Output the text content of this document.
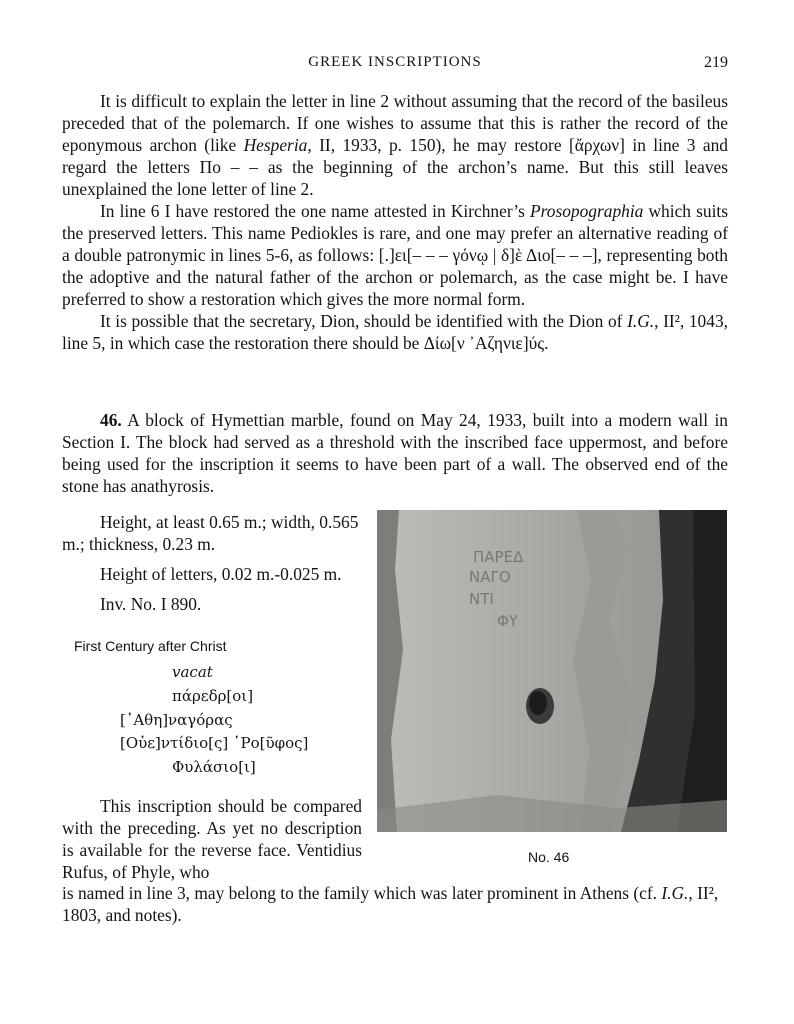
GREEK INSCRIPTIONS	219

It is difficult to explain the letter in line 2 without assuming that the record of the basileus preceded that of the polemarch. If one wishes to assume that this is rather the record of the eponymous archon (like Hesperia, II, 1933, p. 150), he may restore [ἄρχων] in line 3 and regard the letters Πο – – as the beginning of the archon’s name. But this still leaves unexplained the lone letter of line 2.

In line 6 I have restored the one name attested in Kirchner’s Prosopographia which suits the preserved letters. This name Pediokles is rare, and one may prefer an alternative reading of a double patronymic in lines 5-6, as follows: [.]ει[– – – γόνῳ | δ]ὲ Διο[– – –], representing both the adoptive and the natural father of the archon or polemarch, as the case might be. I have preferred to show a restoration which gives the more normal form.

It is possible that the secretary, Dion, should be identified with the Dion of I.G., II², 1043, line 5, in which case the restoration there should be Δίω[ν ᾿Αζηνιε]ύς.

46. A block of Hymettian marble, found on May 24, 1933, built into a modern wall in Section I. The block had served as a threshold with the inscribed face uppermost, and before being used for the inscription it seems to have been part of a wall. The observed end of the stone has anathyrosis.

Height, at least 0.65 m.; width, 0.565 m.; thickness, 0.23 m.
Height of letters, 0.02 m.-0.025 m.
Inv. No. I 890.
First Century after Christ
vacat
πάρεδρ[οι]
[᾿Αθη]ναγόρας
[Οὐε]ντίδιο[ς] ῾Ρο[ῦφος]
Φυλάσιο[ι]
This inscription should be compared with the preceding. As yet no description is available for the reverse face. Ventidius Rufus, of Phyle, who
is named in line 3, may belong to the family which was later prominent in Athens (cf. I.G., II², 1803, and notes).
ΠΑΡΕΔ
ΝΑΓΟ
ΝΤΙ
ΦΥ
No. 46
